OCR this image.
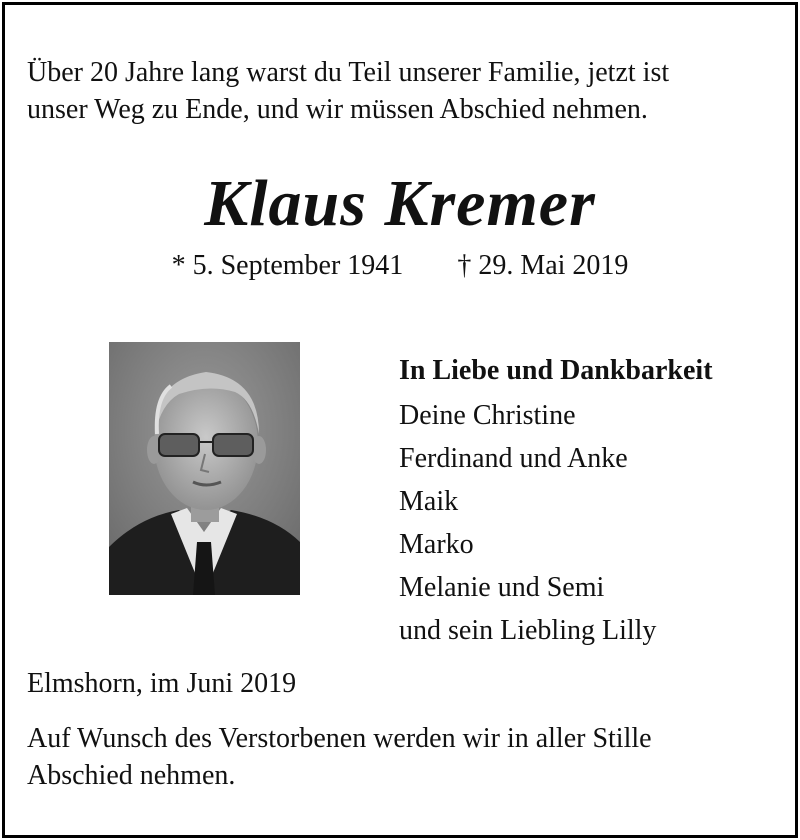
Über 20 Jahre lang warst du Teil unserer Familie, jetzt ist
unser Weg zu Ende, und wir müssen Abschied nehmen.

Klaus Kremer
* 5. September 1941 † 29. Mai 2019

In Liebe und Dankbarkeit

Deine Christine
Ferdinand und Anke
Maik
Marko
Melanie und Semi
und sein Liebling Lilly
Elmshorn, im Juni 2019

Auf Wunsch des Verstorbenen werden wir in aller Stille
Abschied nehmen.
